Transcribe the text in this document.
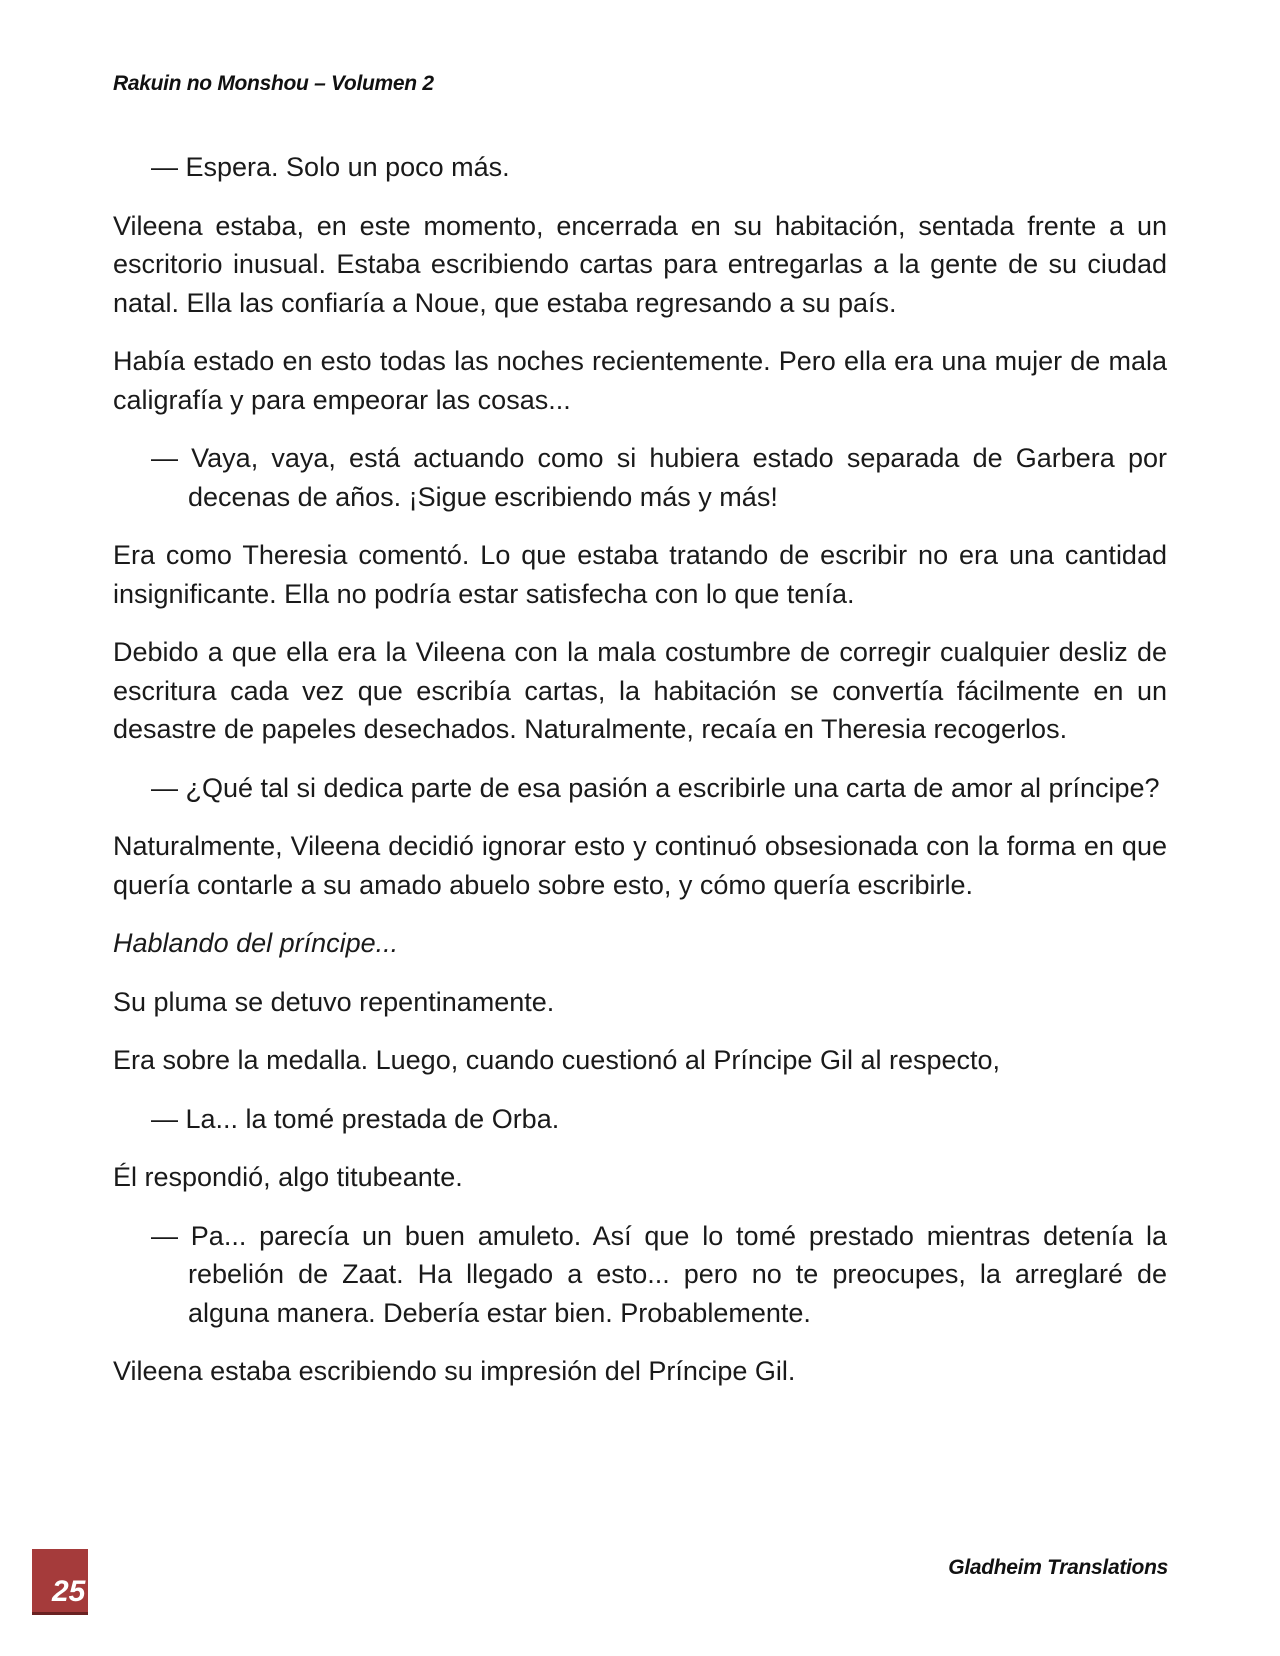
Rakuin no Monshou – Volumen 2

— Espera. Solo un poco más.

Vileena estaba, en este momento, encerrada en su habitación, sentada frente a un escritorio inusual. Estaba escribiendo cartas para entregarlas a la gente de su ciudad natal. Ella las confiaría a Noue, que estaba regresando a su país.

Había estado en esto todas las noches recientemente. Pero ella era una mujer de mala caligrafía y para empeorar las cosas...

— Vaya, vaya, está actuando como si hubiera estado separada de Garbera por decenas de años. ¡Sigue escribiendo más y más!

Era como Theresia comentó. Lo que estaba tratando de escribir no era una cantidad insignificante. Ella no podría estar satisfecha con lo que tenía.

Debido a que ella era la Vileena con la mala costumbre de corregir cualquier desliz de escritura cada vez que escribía cartas, la habitación se convertía fácilmente en un desastre de papeles desechados. Naturalmente, recaía en Theresia recogerlos.

— ¿Qué tal si dedica parte de esa pasión a escribirle una carta de amor al príncipe?

Naturalmente, Vileena decidió ignorar esto y continuó obsesionada con la forma en que quería contarle a su amado abuelo sobre esto, y cómo quería escribirle.

Hablando del príncipe...

Su pluma se detuvo repentinamente.

Era sobre la medalla. Luego, cuando cuestionó al Príncipe Gil al respecto,

— La... la tomé prestada de Orba.

Él respondió, algo titubeante.

— Pa... parecía un buen amuleto. Así que lo tomé prestado mientras detenía la rebelión de Zaat. Ha llegado a esto... pero no te preocupes, la arreglaré de alguna manera. Debería estar bien. Probablemente.

Vileena estaba escribiendo su impresión del Príncipe Gil.

25
Gladheim Translations
